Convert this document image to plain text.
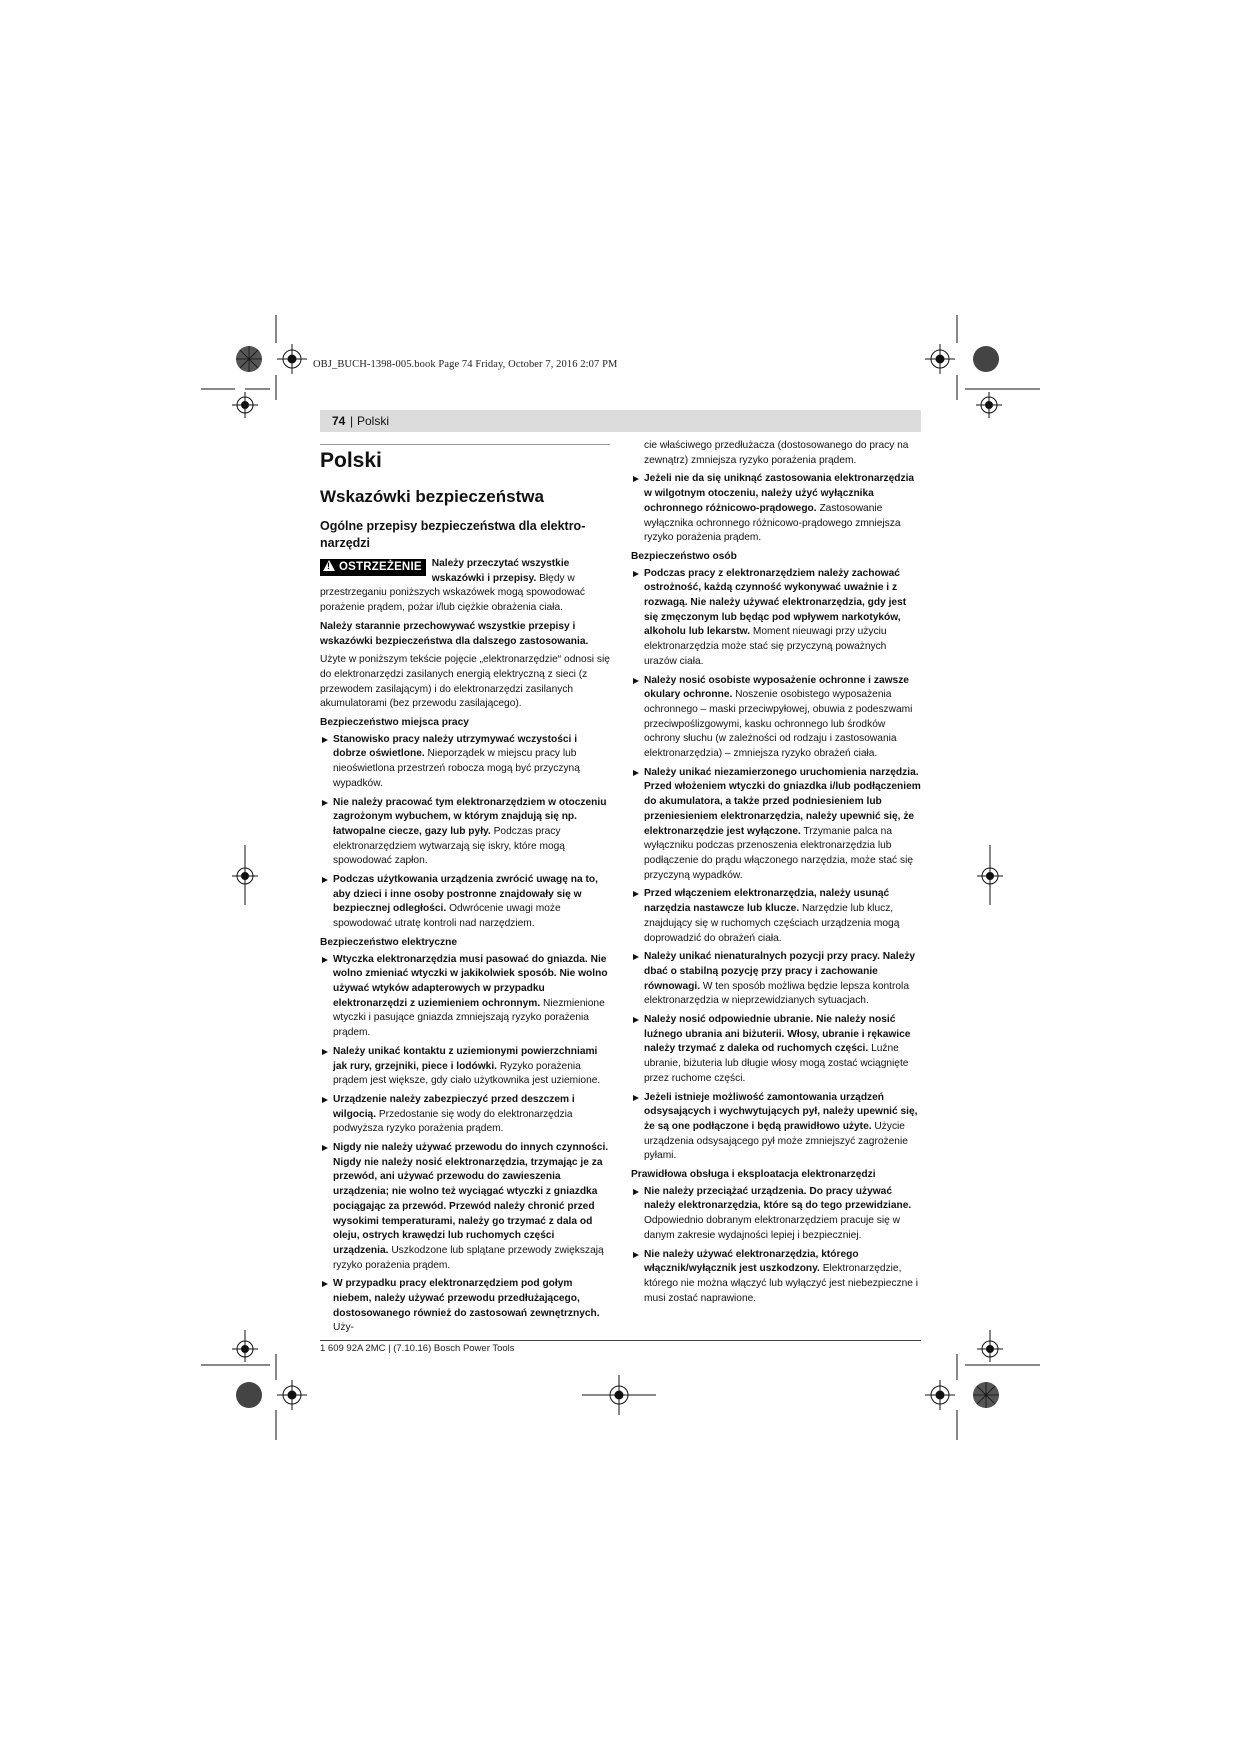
OBJ_BUCH-1398-005.book Page 74 Friday, October 7, 2016 2:07 PM
74 | Polski
Polski
Wskazówki bezpieczeństwa
Ogólne przepisy bezpieczeństwa dla elektro-narzędzi
!OSTRZEŻENIE Należy przeczytać wszystkie wskazówki i przepisy. Błędy w przestrzeganiu poniższych wskazówek mogą spowodować porażenie prądem, pożar i/lub ciężkie obrażenia ciała.

Należy starannie przechowywać wszystkie przepisy i wskazówki bezpieczeństwa dla dalszego zastosowania.

Użyte w poniższym tekście pojęcie „elektronarzędzie“ odnosi się do elektronarzędzi zasilanych energią elektryczną z sieci (z przewodem zasilającym) i do elektronarzędzi zasilanych akumulatorami (bez przewodu zasilającego).

Bezpieczeństwo miejsca pracy
Stanowisko pracy należy utrzymywać wczystości i dobrze oświetlone. Nieporządek w miejscu pracy lub nieoświetlona przestrzeń robocza mogą być przyczyną wypadków.
Nie należy pracować tym elektronarzędziem w otoczeniu zagrożonym wybuchem, w którym znajdują się np. łatwopalne ciecze, gazy lub pyły. Podczas pracy elektronarzędziem wytwarzają się iskry, które mogą spowodować zapłon.
Podczas użytkowania urządzenia zwrócić uwagę na to, aby dzieci i inne osoby postronne znajdowały się w bezpiecznej odległości. Odwrócenie uwagi może spowodować utratę kontroli nad narzędziem.
Bezpieczeństwo elektryczne
Wtyczka elektronarzędzia musi pasować do gniazda. Nie wolno zmieniać wtyczki w jakikolwiek sposób. Nie wolno używać wtyków adapterowych w przypadku elektronarzędzi z uziemieniem ochronnym. Niezmienione wtyczki i pasujące gniazda zmniejszają ryzyko porażenia prądem.
Należy unikać kontaktu z uziemionymi powierzchniami jak rury, grzejniki, piece i lodówki. Ryzyko porażenia prądem jest większe, gdy ciało użytkownika jest uziemione.
Urządzenie należy zabezpieczyć przed deszczem i wilgocią. Przedostanie się wody do elektronarzędzia podwyższa ryzyko porażenia prądem.
Nigdy nie należy używać przewodu do innych czynności. Nigdy nie należy nosić elektronarzędzia, trzymając je za przewód, ani używać przewodu do zawieszenia urządzenia; nie wolno też wyciągać wtyczki z gniazdka pociągając za przewód. Przewód należy chronić przed wysokimi temperaturami, należy go trzymać z dala od oleju, ostrych krawędzi lub ruchomych części urządzenia. Uszkodzone lub splątane przewody zwiększają ryzyko porażenia prądem.
W przypadku pracy elektronarzędziem pod gołym niebem, należy używać przewodu przedłużającego, dostosowanego również do zastosowań zewnętrznych. Uży-

cie właściwego przedłużacza (dostosowanego do pracy na zewnątrz) zmniejsza ryzyko porażenia prądem.

Jeżeli nie da się uniknąć zastosowania elektronarzędzia w wilgotnym otoczeniu, należy użyć wyłącznika ochronnego różnicowo-prądowego. Zastosowanie wyłącznika ochronnego różnicowo-prądowego zmniejsza ryzyko porażenia prądem.
Bezpieczeństwo osób
Podczas pracy z elektronarzędziem należy zachować ostrożność, każdą czynność wykonywać uważnie i z rozwagą. Nie należy używać elektronarzędzia, gdy jest się zmęczonym lub będąc pod wpływem narkotyków, alkoholu lub lekarstw. Moment nieuwagi przy użyciu elektronarzędzia może stać się przyczyną poważnych urazów ciała.
Należy nosić osobiste wyposażenie ochronne i zawsze okulary ochronne. Noszenie osobistego wyposażenia ochronnego – maski przeciwpyłowej, obuwia z podeszwami przeciwpoślizgowymi, kasku ochronnego lub środków ochrony słuchu (w zależności od rodzaju i zastosowania elektronarzędzia) – zmniejsza ryzyko obrażeń ciała.
Należy unikać niezamierzonego uruchomienia narzędzia. Przed włożeniem wtyczki do gniazdka i/lub podłączeniem do akumulatora, a także przed podniesieniem lub przeniesieniem elektronarzędzia, należy upewnić się, że elektronarzędzie jest wyłączone. Trzymanie palca na wyłączniku podczas przenoszenia elektronarzędzia lub podłączenie do prądu włączonego narzędzia, może stać się przyczyną wypadków.
Przed włączeniem elektronarzędzia, należy usunąć narzędzia nastawcze lub klucze. Narzędzie lub klucz, znajdujący się w ruchomych częściach urządzenia mogą doprowadzić do obrażeń ciała.
Należy unikać nienaturalnych pozycji przy pracy. Należy dbać o stabilną pozycję przy pracy i zachowanie równowagi. W ten sposób możliwa będzie lepsza kontrola elektronarzędzia w nieprzewidzianych sytuacjach.
Należy nosić odpowiednie ubranie. Nie należy nosić luźnego ubrania ani biżuterii. Włosy, ubranie i rękawice należy trzymać z daleka od ruchomych części. Luźne ubranie, biżuteria lub długie włosy mogą zostać wciągnięte przez ruchome części.
Jeżeli istnieje możliwość zamontowania urządzeń odsysających i wychwytujących pył, należy upewnić się, że są one podłączone i będą prawidłowo użyte. Użycie urządzenia odsysającego pył może zmniejszyć zagrożenie pyłami.
Prawidłowa obsługa i eksploatacja elektronarzędzi
Nie należy przeciążać urządzenia. Do pracy używać należy elektronarzędzia, które są do tego przewidziane. Odpowiednio dobranym elektronarzędziem pracuje się w danym zakresie wydajności lepiej i bezpieczniej.
Nie należy używać elektronarzędzia, którego włącznik/wyłącznik jest uszkodzony. Elektronarzędzie, którego nie można włączyć lub wyłączyć jest niebezpieczne i musi zostać naprawione.
1 609 92A 2MC | (7.10.16) Bosch Power Tools
